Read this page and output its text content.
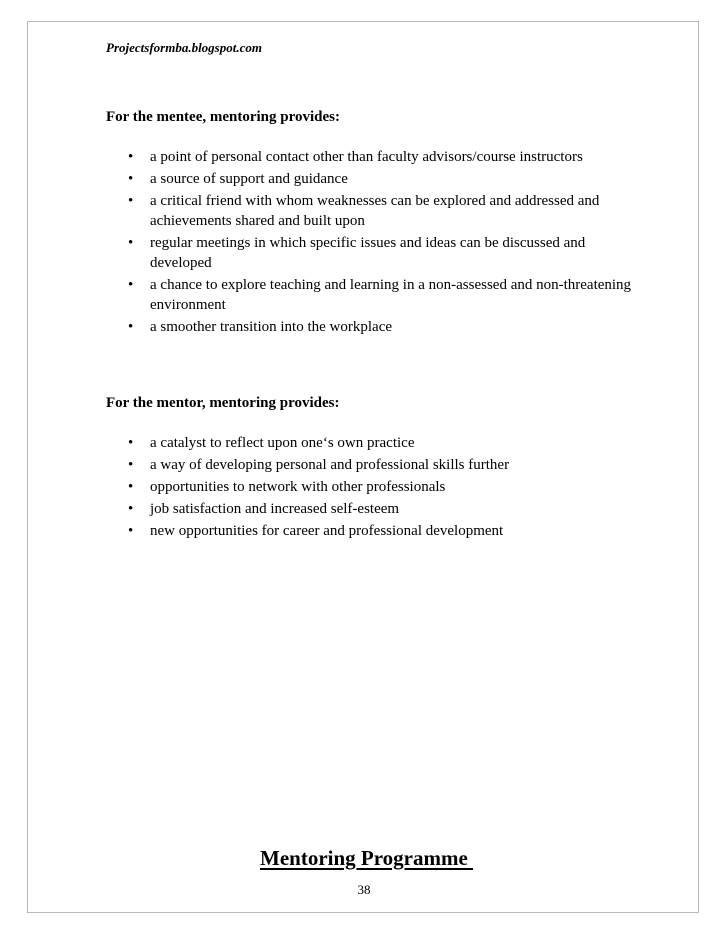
Projectsformba.blogspot.com

For the mentee, mentoring provides:
•	a point of personal contact other than faculty advisors/course instructors
•	a source of support and guidance
•	a critical friend with whom weaknesses can be explored and addressed and achievements shared and built upon
•	regular meetings in which specific issues and ideas can be discussed and developed
•	a chance to explore teaching and learning in a non-assessed and non-threatening environment
•	a smoother transition into the workplace
For the mentor, mentoring provides:
•	a catalyst to reflect upon one‘s own practice
•	a way of developing personal and professional skills further
•	opportunities to network with other professionals
•	job satisfaction and increased self-esteem
•	new opportunities for career and professional development
Mentoring Programme

38
